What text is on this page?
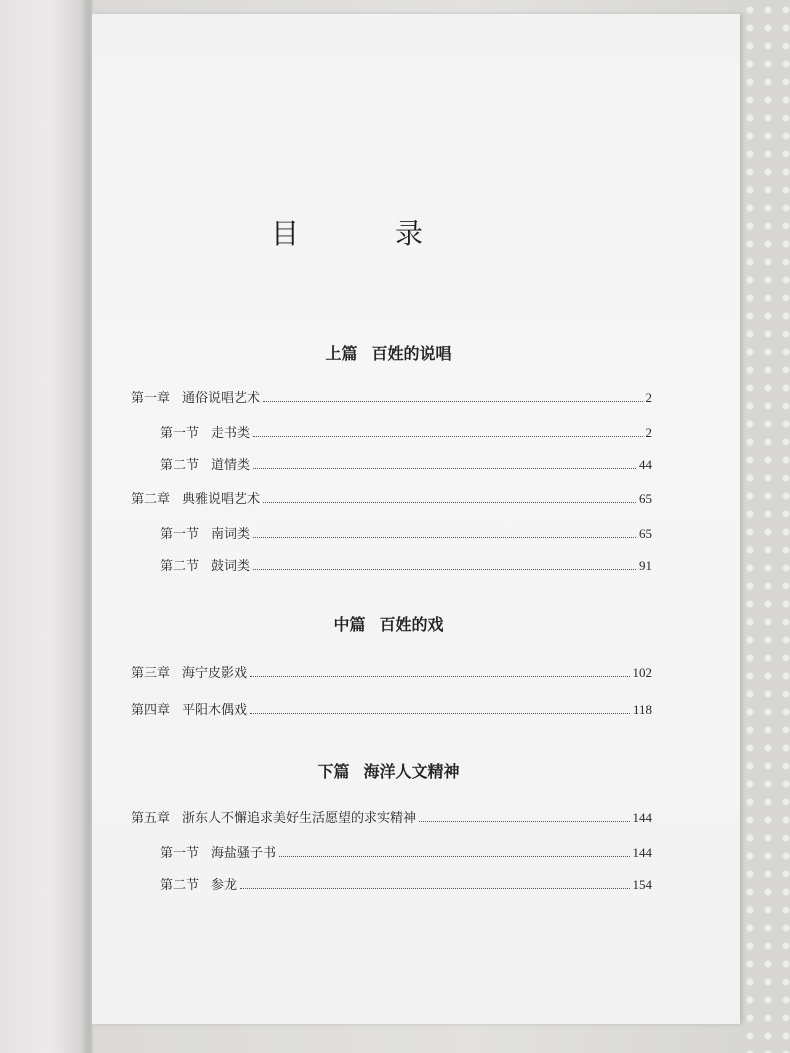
目　录
上篇 百姓的说唱
第一章 通俗说唱艺术	2
第一节 走书类	2
第二节 道情类	44
第二章 典雅说唱艺术	65
第一节 南词类	65
第二节 鼓词类	91
中篇 百姓的戏
第三章 海宁皮影戏	102
第四章 平阳木偶戏	118
下篇 海洋人文精神
第五章 浙东人不懈追求美好生活愿望的求实精神	144
第一节 海盐骚子书	144
第二节 参龙	154
